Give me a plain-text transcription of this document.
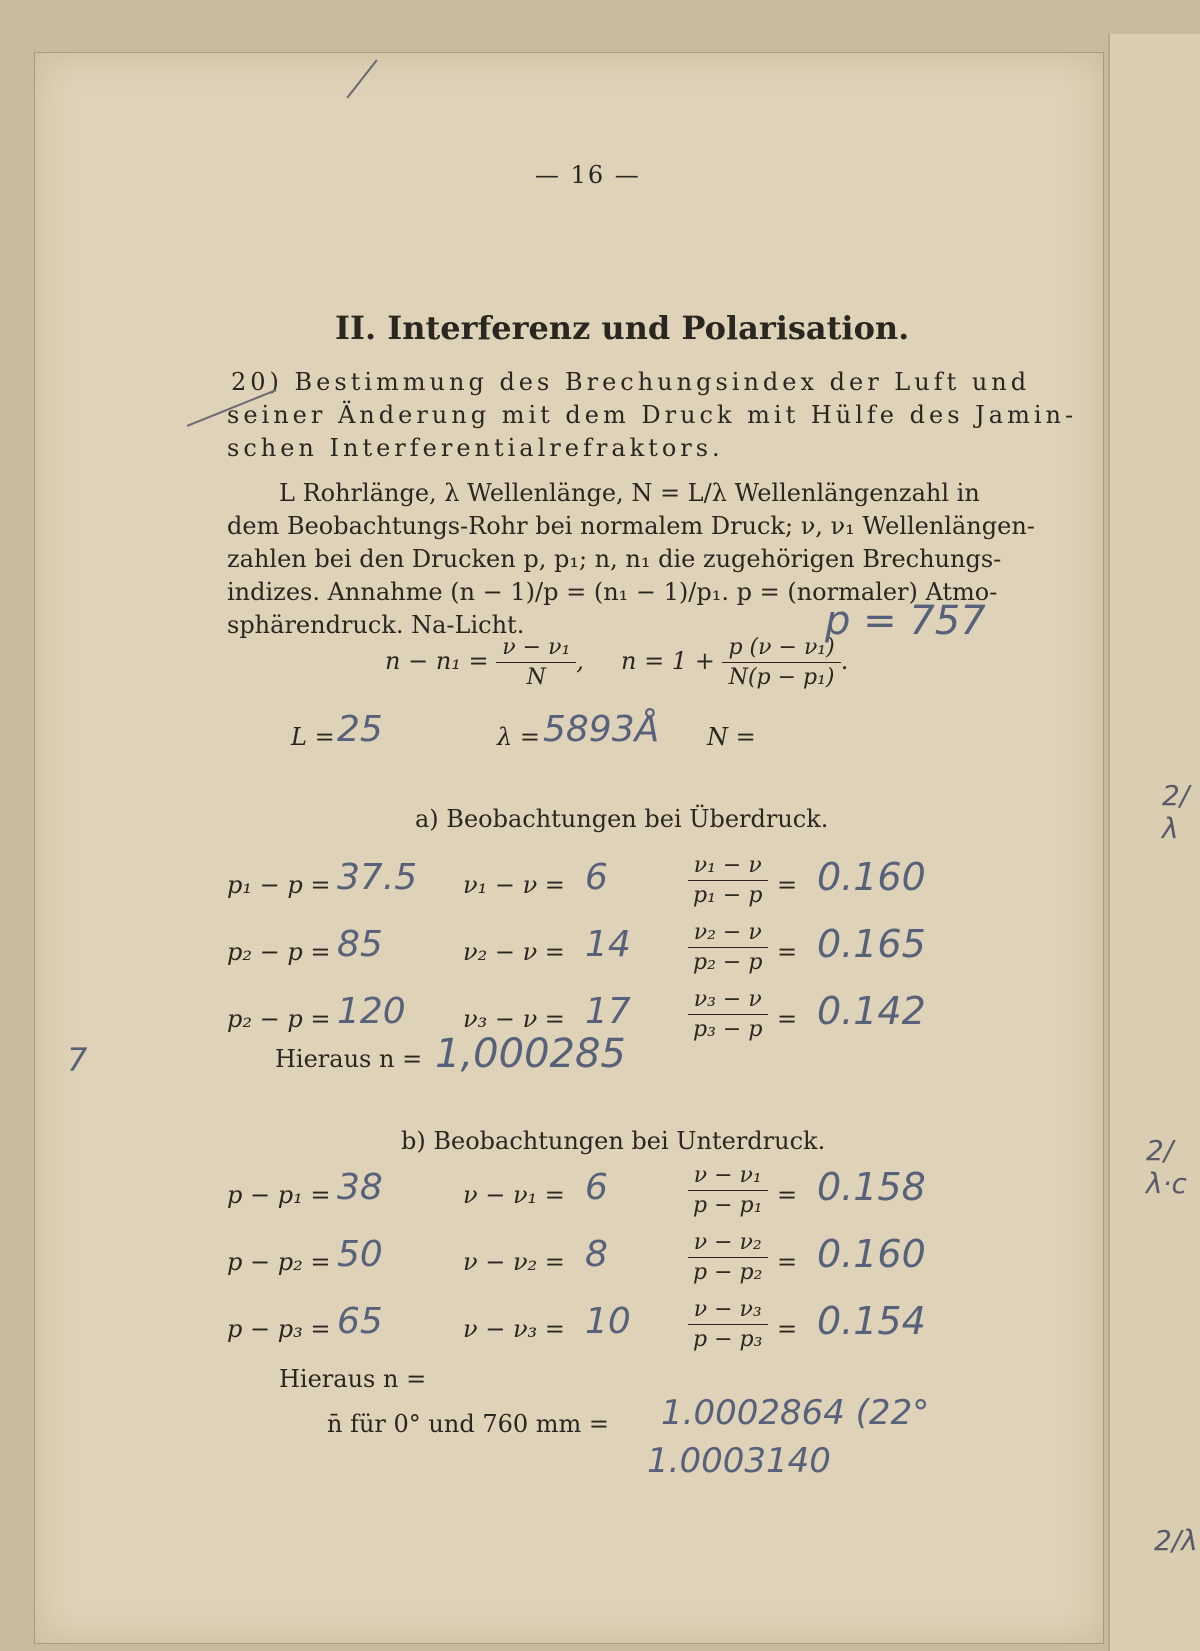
2/λ
2/λ·c
2/λ
— 16 —
II. Interferenz und Polarisation.
20) Bestimmung des Brechungsindex der Luft und
seiner Änderung mit dem Druck mit Hülfe des Jamin-
schen Interferentialrefraktors.
L Rohrlänge, λ Wellenlänge, N = L/λ Wellenlängenzahl in
dem Beobachtungs-Rohr bei normalem Druck; ν, ν₁ Wellenlängen-
zahlen bei den Drucken p, p₁; n, n₁ die zugehörigen Brechungs-
indizes. Annahme (n − 1)/p = (n₁ − 1)/p₁. p = (normaler) Atmo-
sphärendruck. Na-Licht.	p = 757
$n - n_1 = \frac{\text{ν − ν₁}}{N}$ , $n = 1 + \frac{\text{p (ν − ν₁)}}{\text{N(p − p₁)}}$ .
L = 25	λ = 5893Å N =
a) Beobachtungen bei Überdruck.
p₁ − p = 37.5 ν₁ − ν = 6	$\frac{\text{ν₁ − ν}}{\text{p₁ − p}} = 0.160$
p₂ − p = 85	ν₂ − ν = 14	$\frac{\text{ν₂ − ν}}{\text{p₂ − p}} = 0.165$
p₂ − p = 120 ν₃ − ν = 17	$\frac{\text{ν₃ − ν}}{\text{p₃ − p}} = 0.142$
Hieraus n = 1,000285
b) Beobachtungen bei Unterdruck.
p − p₁ = 38	ν − ν₁ = 6	$\frac{\text{ν − ν₁}}{\text{p − p₁}} = 0.158$
p − p₂ = 50	ν − ν₂ = 8	$\frac{\text{ν − ν₂}}{\text{p − p₂}} = 0.160$
p − p₃ = 65	ν − ν₃ = 10	$\frac{\text{ν − ν₃}}{\text{p − p₃}} = 0.154$
Hieraus n =
n̄ für 0° und 760 mm = 1.0002864 (22°
1.0003140
7
